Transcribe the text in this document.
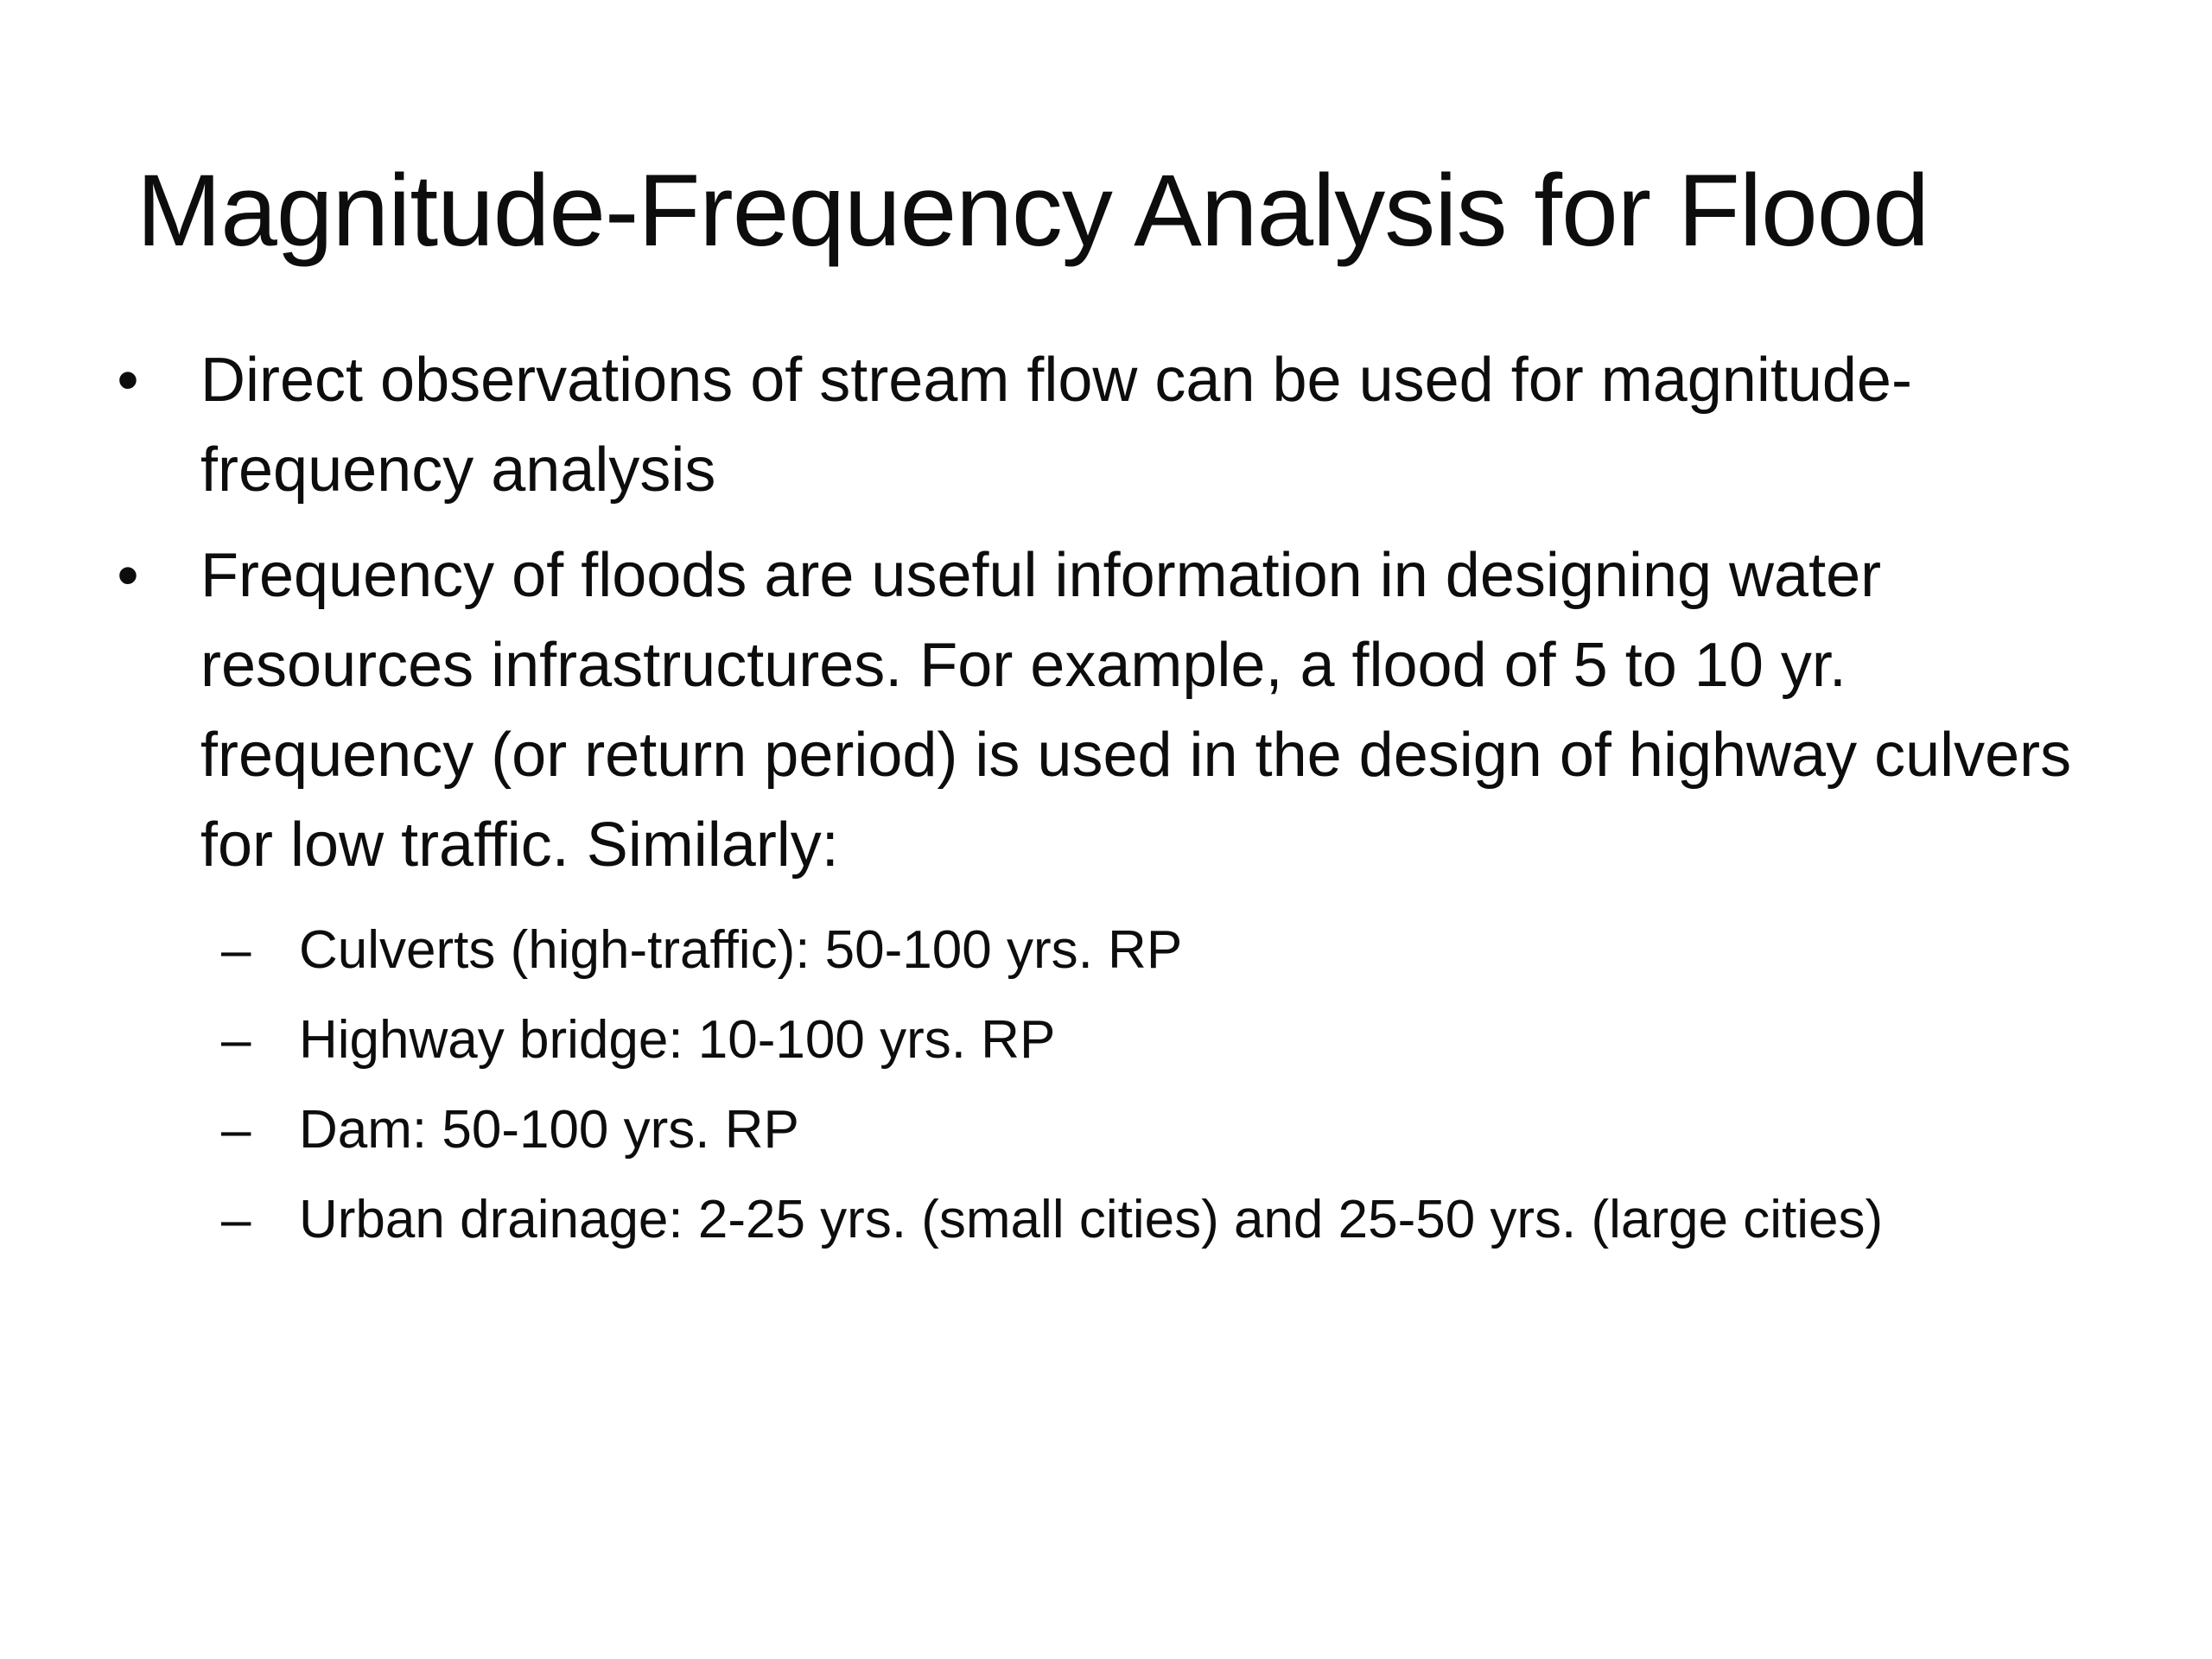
Magnitude-Frequency Analysis for Flood
• Direct observations of stream flow can be used for magnitude-frequency analysis
• Frequency of floods are useful information in designing water resources infrastructures. For example, a flood of 5 to 10 yr. frequency (or return period) is used in the design of highway culvers for low traffic. Similarly:
– Culverts (high-traffic): 50-100 yrs. RP
– Highway bridge: 10-100 yrs. RP
– Dam: 50-100 yrs. RP
– Urban drainage: 2-25 yrs. (small cities) and 25-50 yrs. (large cities)
